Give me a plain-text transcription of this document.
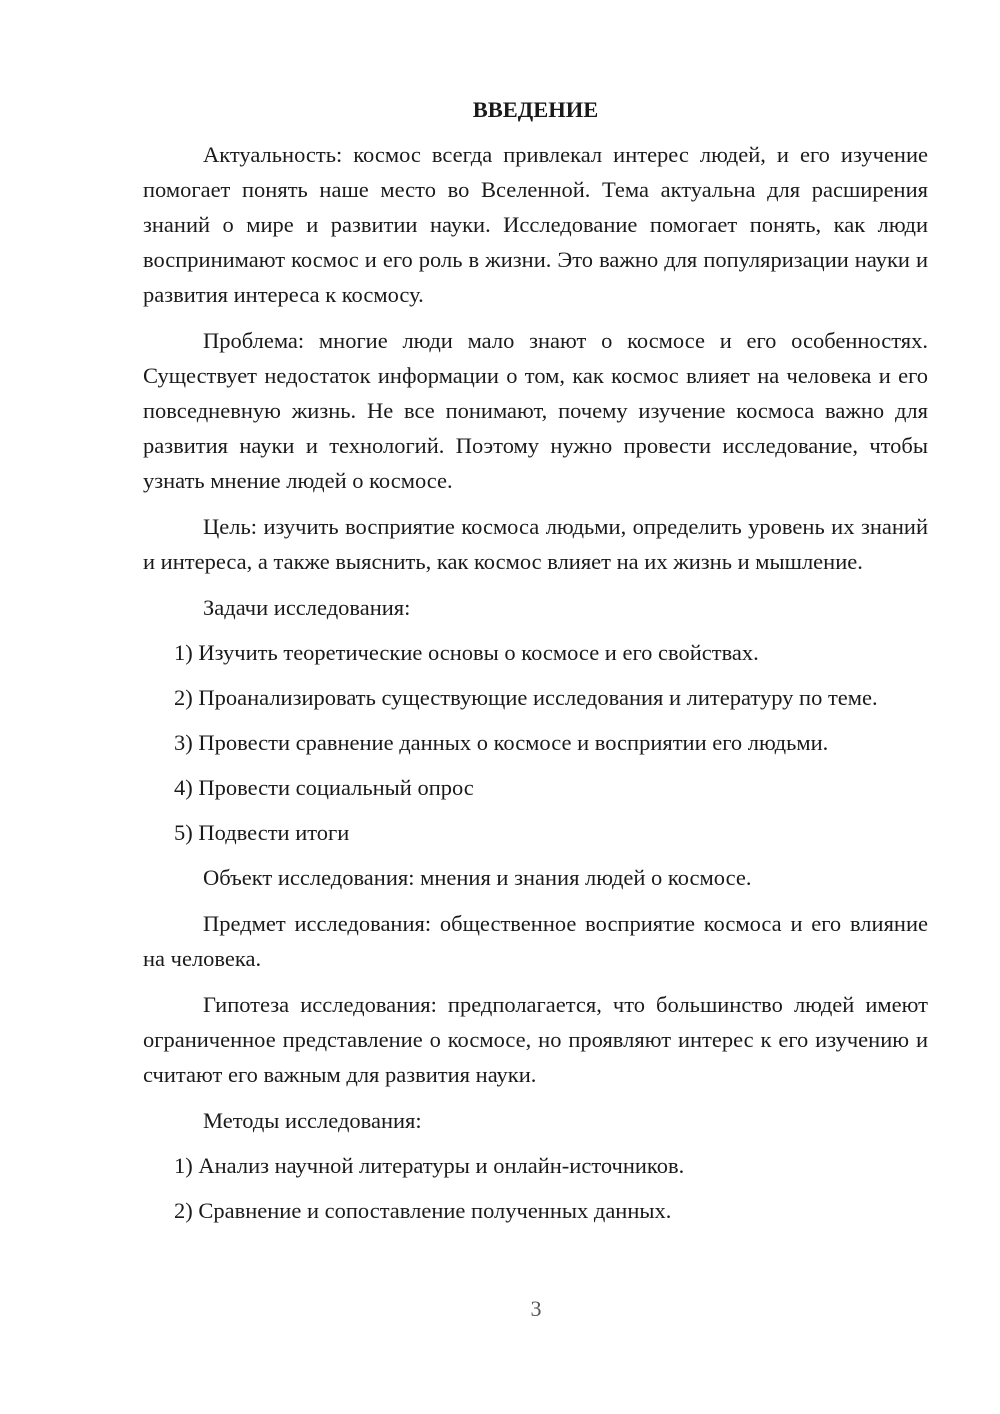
ВВЕДЕНИЕ

Актуальность: космос всегда привлекал интерес людей, и его изучение помогает понять наше место во Вселенной. Тема актуальна для расширения знаний о мире и развитии науки. Исследование помогает понять, как люди воспринимают космос и его роль в жизни. Это важно для популяризации науки и развития интереса к космосу.

Проблема: многие люди мало знают о космосе и его особенностях. Существует недостаток информации о том, как космос влияет на человека и его повседневную жизнь. Не все понимают, почему изучение космоса важно для развития науки и технологий. Поэтому нужно провести исследование, чтобы узнать мнение людей о космосе.

Цель: изучить восприятие космоса людьми, определить уровень их знаний и интереса, а также выяснить, как космос влияет на их жизнь и мышление.

Задачи исследования:

1) Изучить теоретические основы о космосе и его свойствах.

2) Проанализировать существующие исследования и литературу по теме.

3) Провести сравнение данных о космосе и восприятии его людьми.

4) Провести социальный опрос

5) Подвести итоги

Объект исследования: мнения и знания людей о космосе.

Предмет исследования: общественное восприятие космоса и его влияние на человека.

Гипотеза исследования: предполагается, что большинство людей имеют ограниченное представление о космосе, но проявляют интерес к его изучению и считают его важным для развития науки.

Методы исследования:

1) Анализ научной литературы и онлайн-источников.

2) Сравнение и сопоставление полученных данных.

3
